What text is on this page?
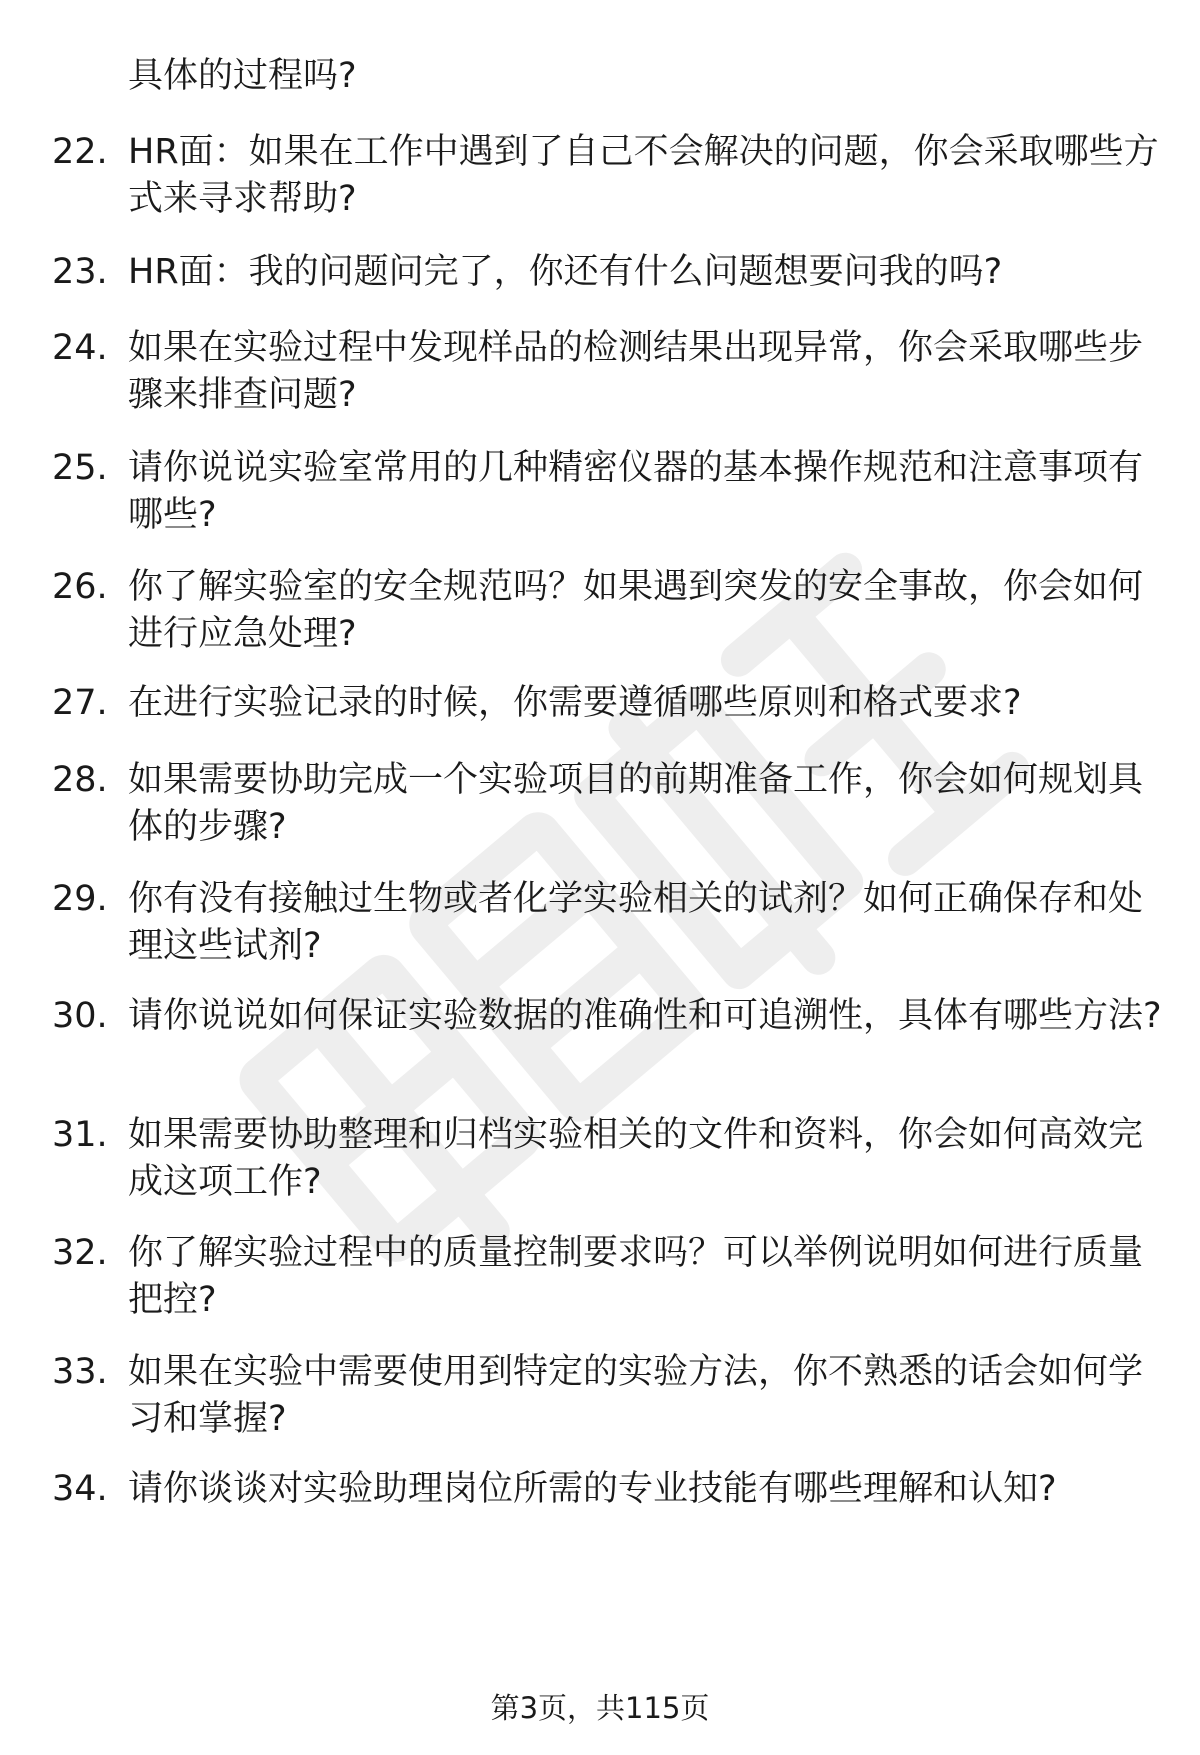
具体的过程吗?
22. HR面：如果在工作中遇到了自己不会解决的问题，你会采取哪些方式来寻求帮助?
23. HR面：我的问题问完了，你还有什么问题想要问我的吗?
24. 如果在实验过程中发现样品的检测结果出现异常，你会采取哪些步骤来排查问题?
25. 请你说说实验室常用的几种精密仪器的基本操作规范和注意事项有哪些?
26. 你了解实验室的安全规范吗？如果遇到突发的安全事故，你会如何进行应急处理?
27. 在进行实验记录的时候，你需要遵循哪些原则和格式要求?
28. 如果需要协助完成一个实验项目的前期准备工作，你会如何规划具体的步骤?
29. 你有没有接触过生物或者化学实验相关的试剂？如何正确保存和处理这些试剂?
30. 请你说说如何保证实验数据的准确性和可追溯性，具体有哪些方法?
31. 如果需要协助整理和归档实验相关的文件和资料，你会如何高效完成这项工作?
32. 你了解实验过程中的质量控制要求吗？可以举例说明如何进行质量把控?
33. 如果在实验中需要使用到特定的实验方法，你不熟悉的话会如何学习和掌握?
34. 请你谈谈对实验助理岗位所需的专业技能有哪些理解和认知?
第3页，共115页
